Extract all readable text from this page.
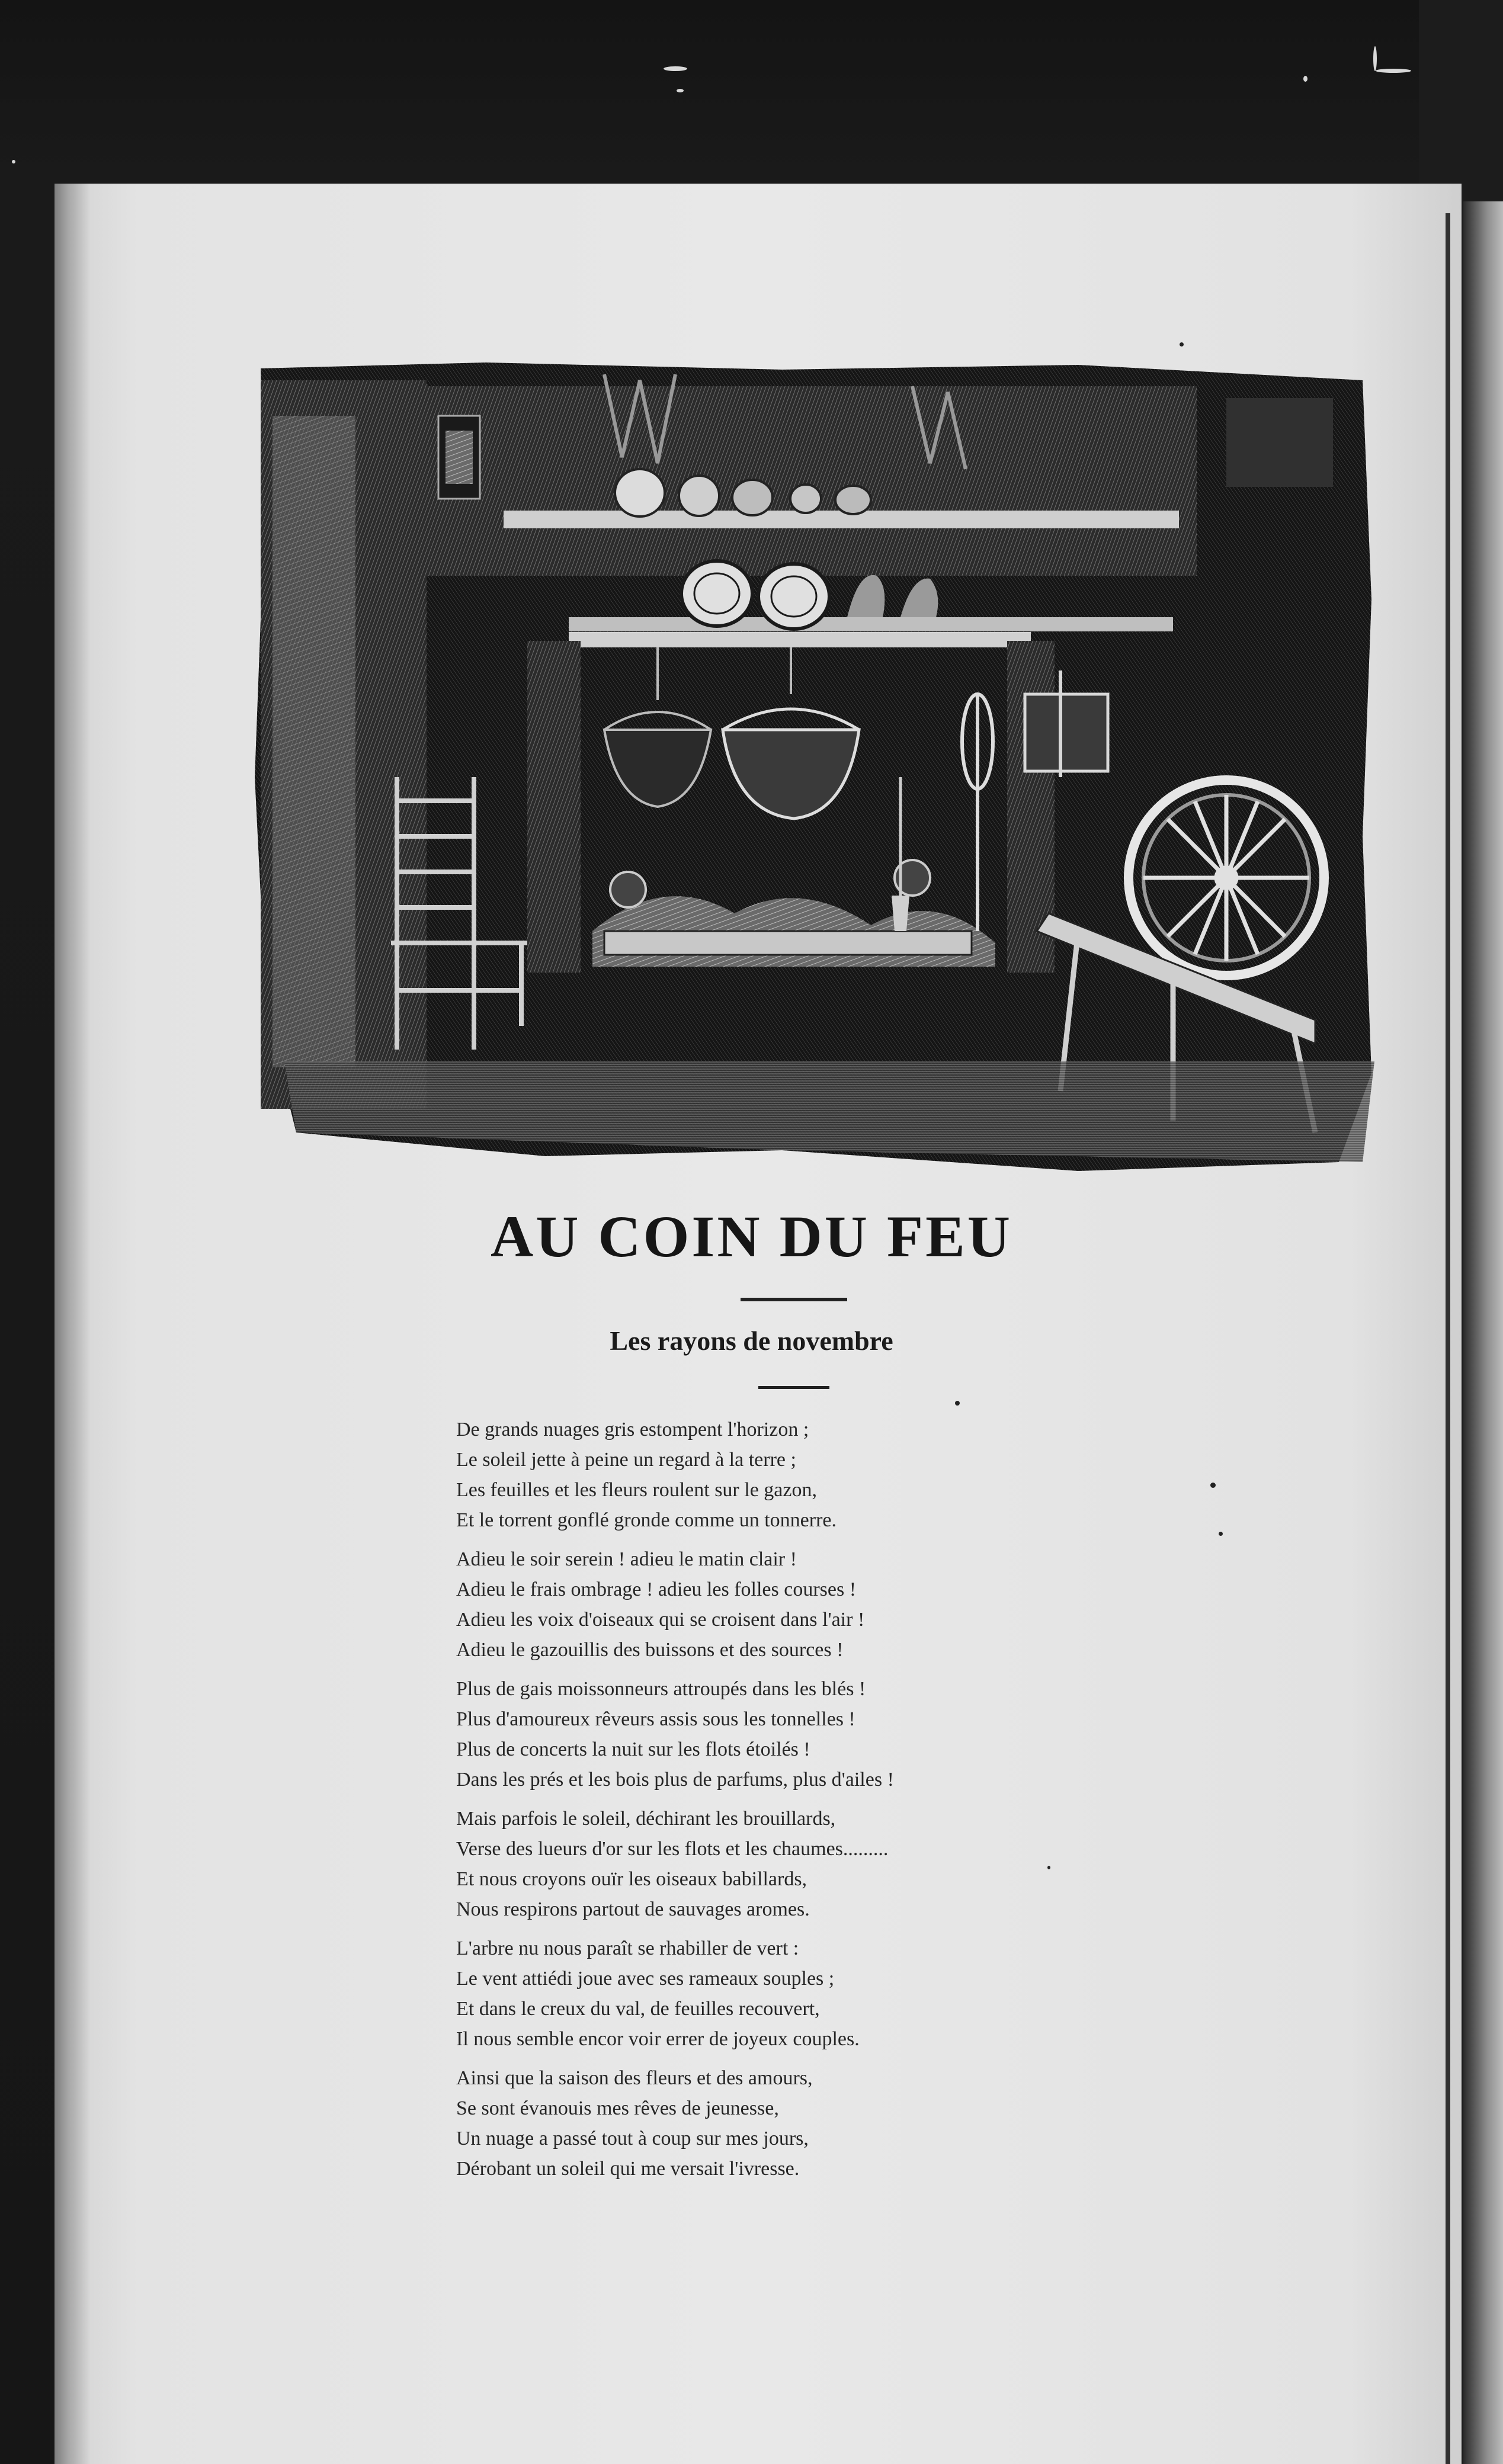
AU COIN DU FEU
Les rayons de novembre
De grands nuages gris estompent l'horizon ;
Le soleil jette à peine un regard à la terre ;
Les feuilles et les fleurs roulent sur le gazon,
Et le torrent gonflé gronde comme un tonnerre.
Adieu le soir serein ! adieu le matin clair !
Adieu le frais ombrage ! adieu les folles courses !
Adieu les voix d'oiseaux qui se croisent dans l'air !
Adieu le gazouillis des buissons et des sources !
Plus de gais moissonneurs attroupés dans les blés !
Plus d'amoureux rêveurs assis sous les tonnelles !
Plus de concerts la nuit sur les flots étoilés !
Dans les prés et les bois plus de parfums, plus d'ailes !
Mais parfois le soleil, déchirant les brouillards,
Verse des lueurs d'or sur les flots et les chaumes.........
Et nous croyons ouïr les oiseaux babillards,
Nous respirons partout de sauvages aromes.
L'arbre nu nous paraît se rhabiller de vert :
Le vent attiédi joue avec ses rameaux souples ;
Et dans le creux du val, de feuilles recouvert,
Il nous semble encor voir errer de joyeux couples.
Ainsi que la saison des fleurs et des amours,
Se sont évanouis mes rêves de jeunesse,
Un nuage a passé tout à coup sur mes jours,
Dérobant un soleil qui me versait l'ivresse.
